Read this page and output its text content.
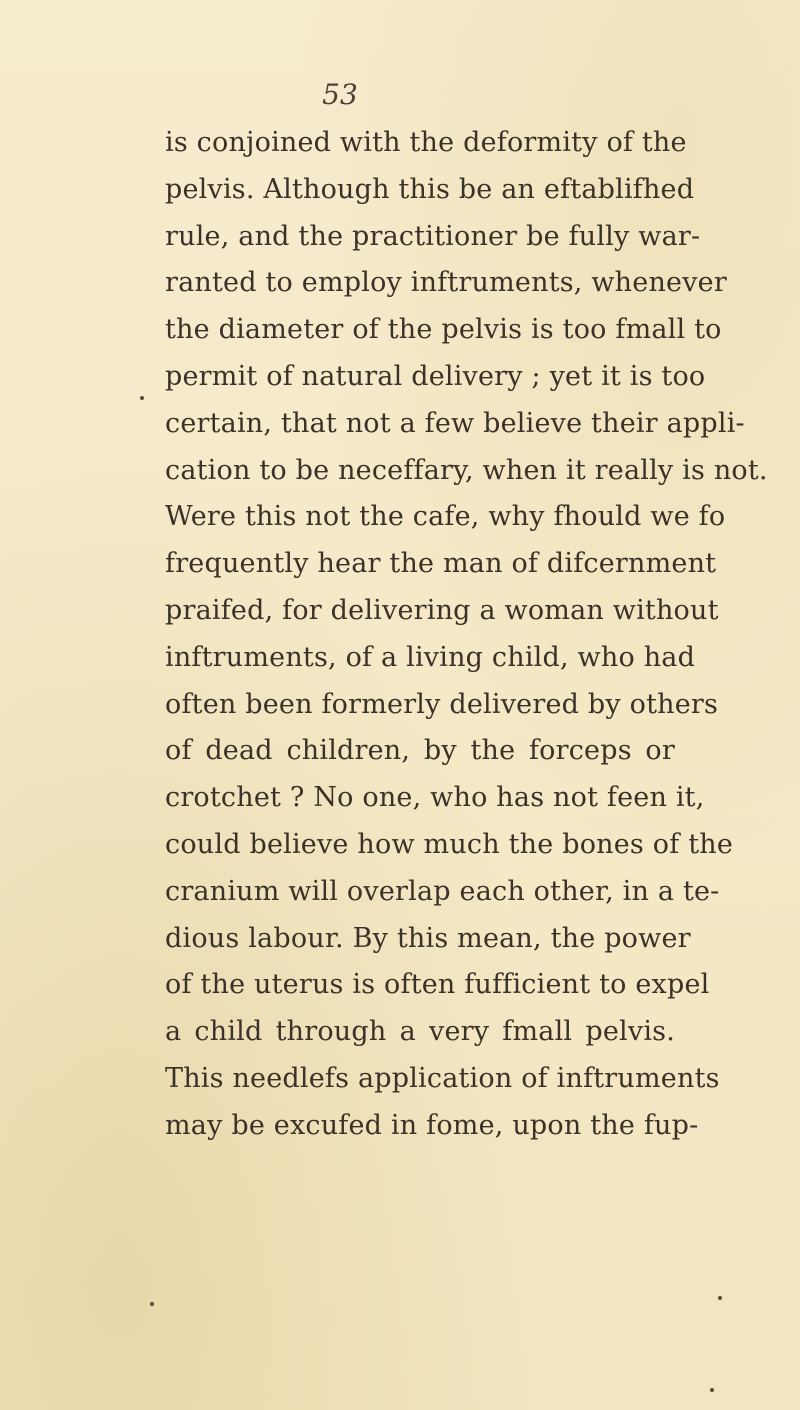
53
is conjoined with the deformity of the
pelvis. Although this be an eftablifhed
rule, and the practitioner be fully war-
ranted to employ inftruments, whenever
the diameter of the pelvis is too fmall to
permit of natural delivery ; yet it is too
certain, that not a few believe their appli-
cation to be neceffary, when it really is not.
Were this not the cafe, why fhould we fo
frequently hear the man of difcernment
praifed, for delivering a woman without
inftruments, of a living child, who had
often been formerly delivered by others
of dead children, by the forceps or
crotchet ? No one, who has not feen it,
could believe how much the bones of the
cranium will overlap each other, in a te-
dious labour. By this mean, the power
of the uterus is often fufficient to expel
a child through a very fmall pelvis.
This needlefs application of inftruments
may be excufed in fome, upon the fup-
